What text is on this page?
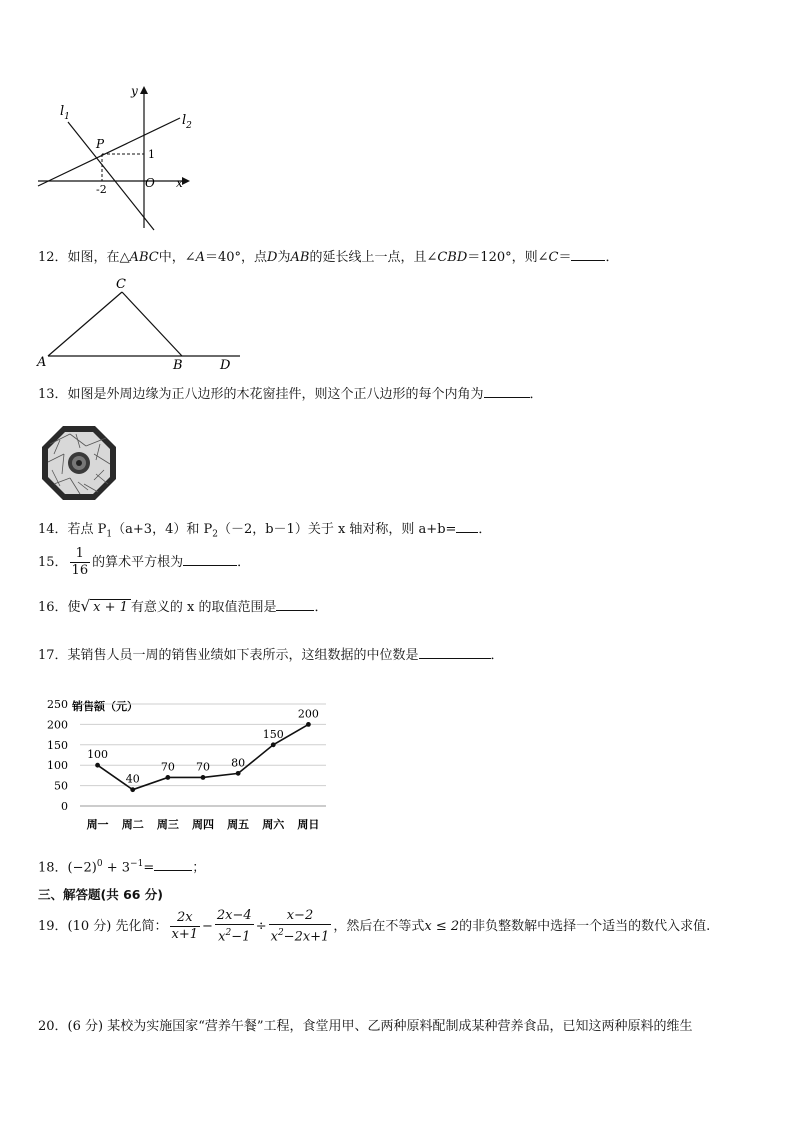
$l_1$	$l_2$
y
x
P
O
1
-2
12．如图，在△ABC中，∠A＝40°，点D为AB的延长线上一点，且∠CBD＝120°，则∠C＝	．
A	B
C
D
13．如图是外周边缘为正八边形的木花窗挂件，则这个正八边形的每个内角为	．
14．若点 $P_1(a+3$，4）和 $P_2(-2$，b－1）关于 x 轴对称，则 a+b= ．
15． $\frac{1}{16}$ 的算术平方根为	．
16．使√ x + 1 有意义的 x 的取值范围是	．
17．某销售人员一周的销售业绩如下表所示，这组数据的中位数是	．
销售额（元）
0
50
100
150
200
250
周一 周二 周三 周四 周五 周六 周日
100
40
70 70 80
150
200
18．$(-2)^0 + 3^{-1}=$	；
三、解答题(共 66 分)
19．(10 分) 先化简： $\frac{2x}{x+1} - \frac{2x-4}{x^2-1} \div \frac{x-2}{x^2-2x+1}$ ，然后在不等式x ≤ 2的非负整数解中选择一个适当的数代入求值.
20．(6 分) 某校为实施国家“营养午餐”工程，食堂用甲、乙两种原料配制成某种营养食品，已知这两种原料的维生
